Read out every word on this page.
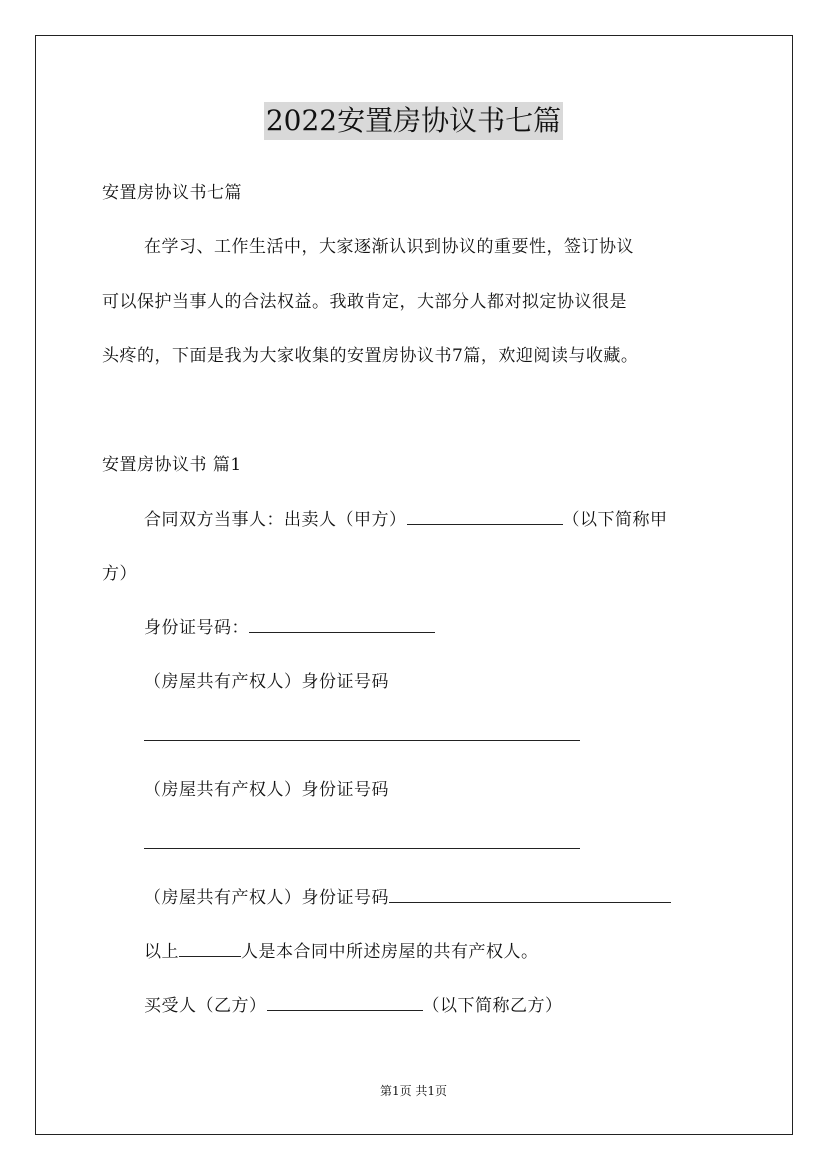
2022安置房协议书七篇
安置房协议书七篇
在学习、工作生活中，大家逐渐认识到协议的重要性，签订协议
可以保护当事人的合法权益。我敢肯定，大部分人都对拟定协议很是
头疼的，下面是我为大家收集的安置房协议书7篇，欢迎阅读与收藏。
安置房协议书 篇1
合同双方当事人：出卖人（甲方）	（以下简称甲
方）
身份证号码：
（房屋共有产权人）身份证号码
（房屋共有产权人）身份证号码
（房屋共有产权人）身份证号码
以上	人是本合同中所述房屋的共有产权人。
买受人（乙方）	（以下简称乙方）
第1页 共1页
